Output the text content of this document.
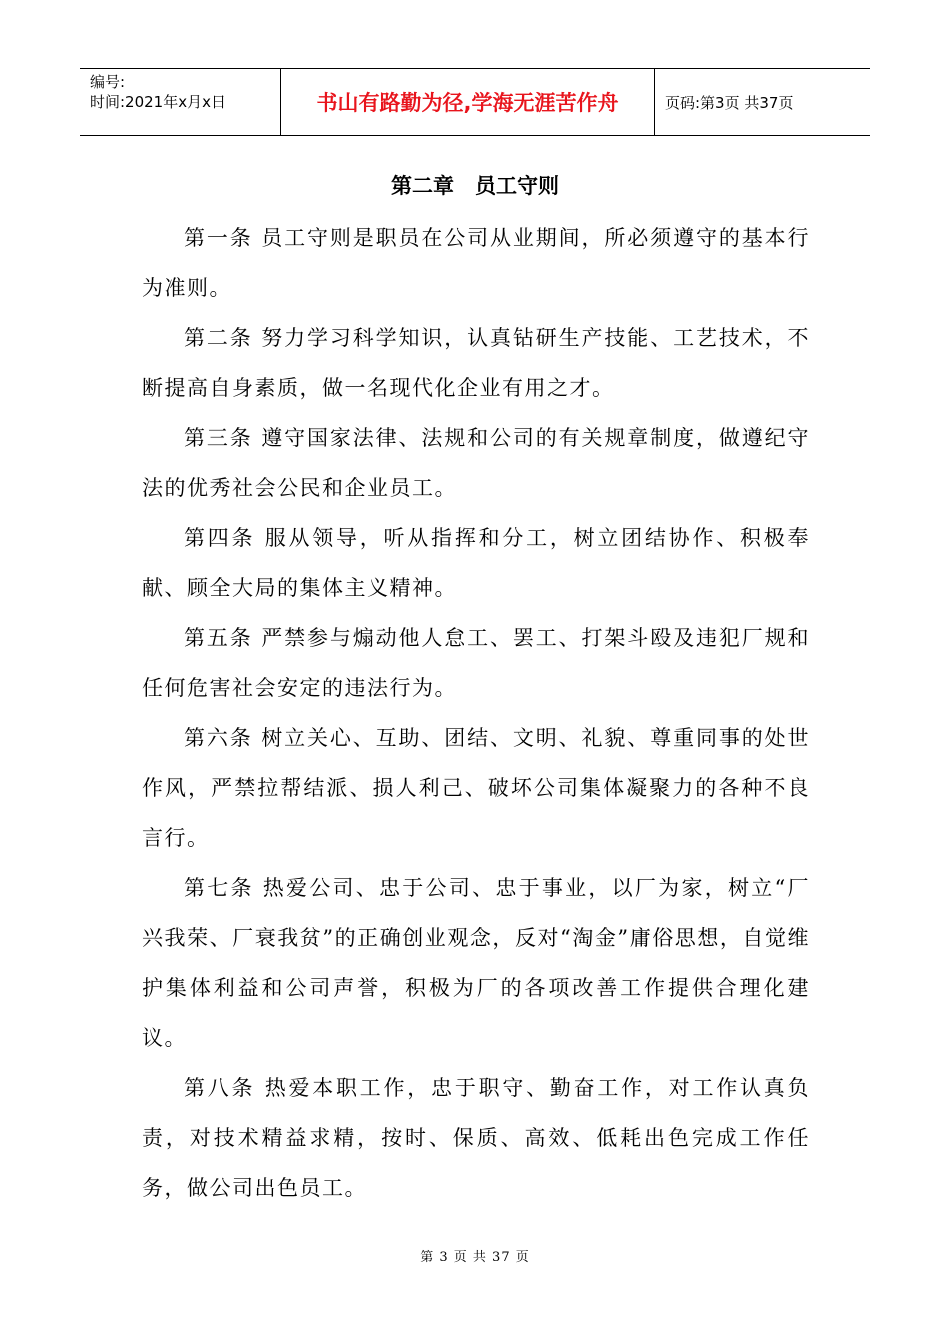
编号:
时间:2021年x月x日	书山有路勤为径,学海无涯苦作舟	页码:第3页 共37页
第二章　员工守则

第一条 员工守则是职员在公司从业期间，所必须遵守的基本行为准则。

第二条 努力学习科学知识，认真钻研生产技能、工艺技术，不断提高自身素质，做一名现代化企业有用之才。

第三条 遵守国家法律、法规和公司的有关规章制度，做遵纪守法的优秀社会公民和企业员工。

第四条 服从领导，听从指挥和分工，树立团结协作、积极奉献、顾全大局的集体主义精神。

第五条 严禁参与煽动他人怠工、罢工、打架斗殴及违犯厂规和任何危害社会安定的违法行为。

第六条 树立关心、互助、团结、文明、礼貌、尊重同事的处世作风，严禁拉帮结派、损人利己、破坏公司集体凝聚力的各种不良言行。

第七条 热爱公司、忠于公司、忠于事业，以厂为家，树立“厂兴我荣、厂衰我贫”的正确创业观念，反对“淘金”庸俗思想，自觉维护集体利益和公司声誉，积极为厂的各项改善工作提供合理化建议。

第八条 热爱本职工作，忠于职守、勤奋工作，对工作认真负责，对技术精益求精，按时、保质、高效、低耗出色完成工作任务，做公司出色员工。

第 3 页 共 37 页
